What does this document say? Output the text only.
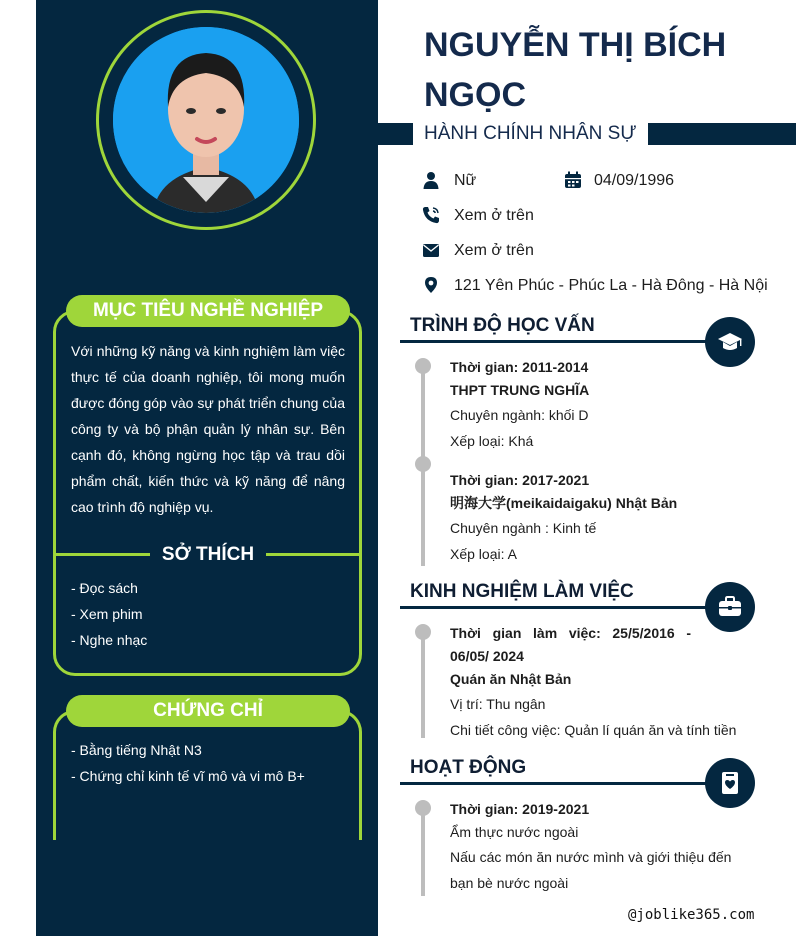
MỤC TIÊU NGHỀ NGHIỆP
Với những kỹ năng và kinh nghiệm làm việc thực tế của doanh nghiệp, tôi mong muốn được đóng góp vào sự phát triển chung của công ty và bộ phận quản lý nhân sự. Bên cạnh đó, không ngừng học tập và trau dồi phẩm chất, kiến thức và kỹ năng để nâng cao trình độ nghiệp vụ.
SỞ THÍCH
- Đọc sách
- Xem phim
- Nghe nhạc
CHỨNG CHỈ
- Bằng tiếng Nhật N3
- Chứng chỉ kinh tế vĩ mô và vi mô B+
NGUYỄN THỊ BÍCH NGỌC
HÀNH CHÍNH NHÂN SỰ
Nữ	04/09/1996
Xem ở trên
Xem ở trên
121 Yên Phúc - Phúc La - Hà Đông - Hà Nội
TRÌNH ĐỘ HỌC VẤN
Thời gian: 2011-2014
THPT TRUNG NGHĨA
Chuyên ngành: khối D
Xếp loại: Khá
Thời gian: 2017-2021
明海大学(meikaidaigaku) Nhật Bản
Chuyên ngành : Kinh tế
Xếp loại: A
KINH NGHIỆM LÀM VIỆC
Thời gian làm việc: 25/5/2016 - 06/05/ 2024
Quán ăn Nhật Bản
Vị trí: Thu ngân
Chi tiết công việc: Quản lí quán ăn và tính tiền
HOẠT ĐỘNG
Thời gian: 2019-2021
Ẩm thực nước ngoài
Nấu các món ăn nước mình và giới thiệu đến bạn bè nước ngoài
@joblike365.com
